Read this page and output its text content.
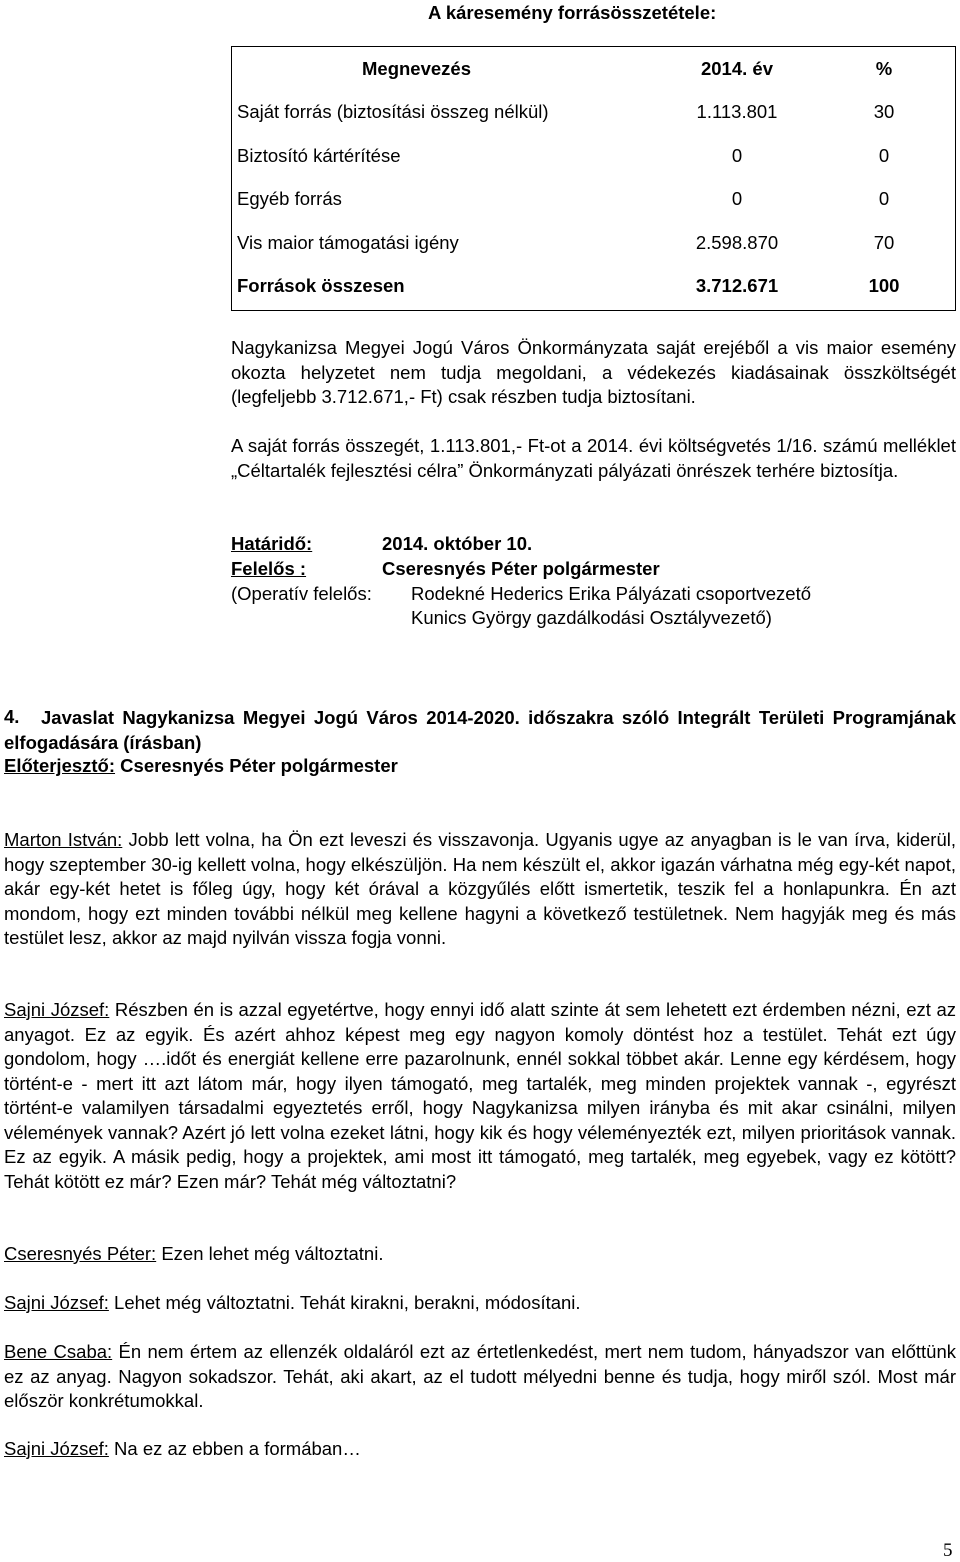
A káresemény forrásösszetétele:
Megnevezés	2014. év	%
Saját forrás (biztosítási összeg nélkül)	1.113.801	30
Biztosító kártérítése	0	0
Egyéb forrás	0	0
Vis maior támogatási igény	2.598.870	70
Források összesen	3.712.671	100
Nagykanizsa Megyei Jogú Város Önkormányzata saját erejéből a vis maior esemény okozta helyzetet nem tudja megoldani, a védekezés kiadásainak összköltségét (legfeljebb 3.712.671,- Ft) csak részben tudja biztosítani.
A saját forrás összegét, 1.113.801,- Ft-ot a 2014. évi költségvetés 1/16. számú melléklet „Céltartalék fejlesztési célra” Önkormányzati pályázati önrészek terhére biztosítja.
Határidő:	2014. október 10.
Felelős :	Cseresnyés Péter polgármester
(Operatív felelős: Rodekné Hederics Erika Pályázati csoportvezető
Kunics György gazdálkodási Osztályvezető)
4.	Javaslat Nagykanizsa Megyei Jogú Város 2014-2020. időszakra szóló Integrált Területi Programjának elfogadására (írásban)
Előterjesztő: Cseresnyés Péter polgármester
Marton István: Jobb lett volna, ha Ön ezt leveszi és visszavonja. Ugyanis ugye az anyagban is le van írva, kiderül, hogy szeptember 30-ig kellett volna, hogy elkészüljön. Ha nem készült el, akkor igazán várhatna még egy-két napot, akár egy-két hetet is főleg úgy, hogy két órával a közgyűlés előtt ismertetik, teszik fel a honlapunkra. Én azt mondom, hogy ezt minden további nélkül meg kellene hagyni a következő testületnek. Nem hagyják meg és más testület lesz, akkor az majd nyilván vissza fogja vonni.
Sajni József: Részben én is azzal egyetértve, hogy ennyi idő alatt szinte át sem lehetett ezt érdemben nézni, ezt az anyagot. Ez az egyik. És azért ahhoz képest meg egy nagyon komoly döntést hoz a testület. Tehát ezt úgy gondolom, hogy ….időt és energiát kellene erre pazarolnunk, ennél sokkal többet akár. Lenne egy kérdésem, hogy történt-e - mert itt azt látom már, hogy ilyen támogató, meg tartalék, meg minden projektek vannak -, egyrészt történt-e valamilyen társadalmi egyeztetés erről, hogy Nagykanizsa milyen irányba és mit akar csinálni, milyen vélemények vannak? Azért jó lett volna ezeket látni, hogy kik és hogy véleményezték ezt, milyen prioritások vannak. Ez az egyik. A másik pedig, hogy a projektek, ami most itt támogató, meg tartalék, meg egyebek, vagy ez kötött? Tehát kötött ez már? Ezen már? Tehát még változtatni?
Cseresnyés Péter: Ezen lehet még változtatni.
Sajni József: Lehet még változtatni. Tehát kirakni, berakni, módosítani.
Bene Csaba: Én nem értem az ellenzék oldaláról ezt az értetlenkedést, mert nem tudom, hányadszor van előttünk ez az anyag. Nagyon sokadszor. Tehát, aki akart, az el tudott mélyedni benne és tudja, hogy miről szól. Most már először konkrétumokkal.
Sajni József: Na ez az ebben a formában…
5
